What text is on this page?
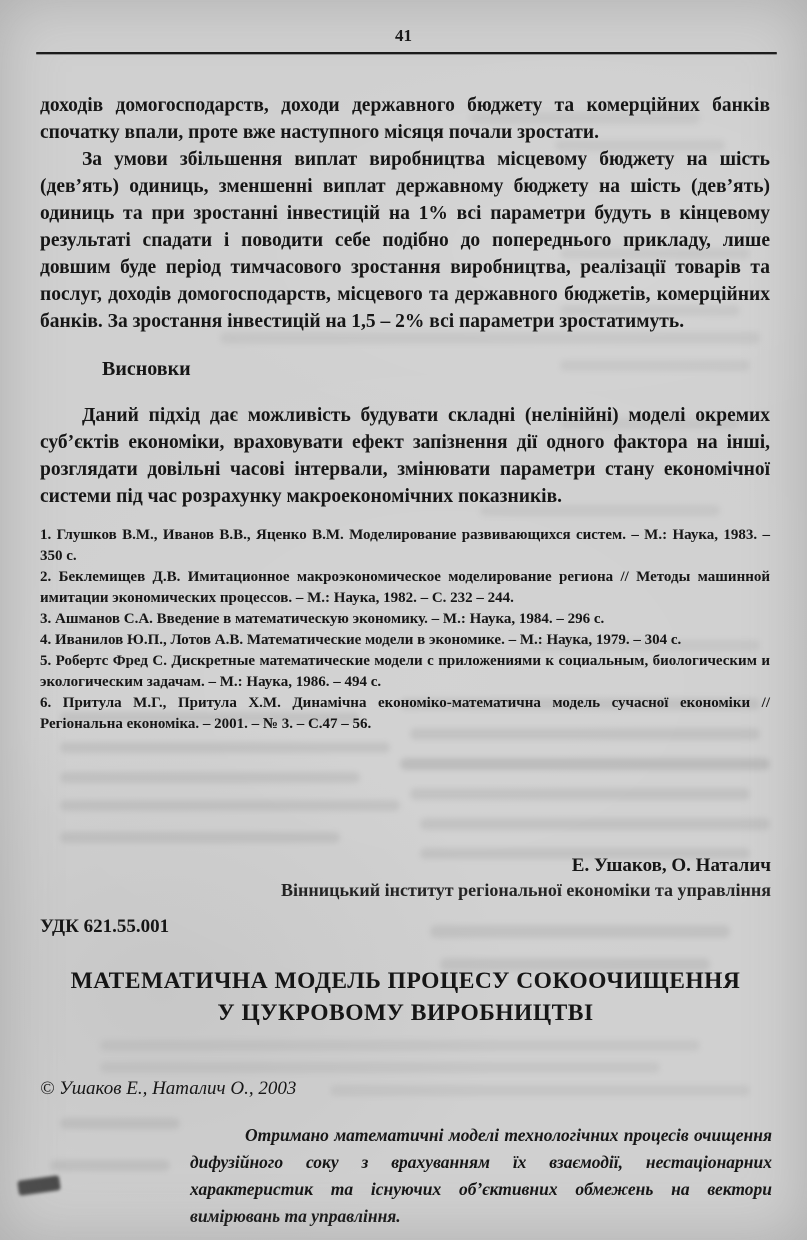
41

доходів домогосподарств, доходи державного бюджету та комерційних банків спочатку впали, проте вже наступного місяця почали зростати.

За умови збільшення виплат виробництва місцевому бюджету на шість (дев’ять) одиниць, зменшенні виплат державному бюджету на шість (дев’ять) одиниць та при зростанні інвестицій на 1% всі параметри будуть в кінцевому результаті спадати і поводити себе подібно до попереднього прикладу, лише довшим буде період тимчасового зростання виробництва, реалізації товарів та послуг, доходів домогосподарств, місцевого та державного бюджетів, комерційних банків. За зростання інвестицій на 1,5 – 2% всі параметри зростатимуть.

Висновки

Даний підхід дає можливість будувати складні (нелінійні) моделі окремих суб’єктів економіки, враховувати ефект запізнення дії одного фактора на інші, розглядати довільні часові інтервали, змінювати параметри стану економічної системи під час розрахунку макроекономічних показників.

1. Глушков В.М., Иванов В.В., Яценко В.М. Моделирование развивающихся систем. – М.: Наука, 1983. – 350 с.

2. Беклемищев Д.В. Имитационное макроэкономическое моделирование региона // Методы машинной имитации экономических процессов. – М.: Наука, 1982. – С. 232 – 244.

3. Ашманов С.А. Введение в математическую экономику. – М.: Наука, 1984. – 296 с.

4. Иванилов Ю.П., Лотов А.В. Математические модели в экономике. – М.: Наука, 1979. – 304 с.

5. Робертс Фред С. Дискретные математические модели с приложениями к социальным, биологическим и экологическим задачам. – М.: Наука, 1986. – 494 с.

6. Притула М.Г., Притула Х.М. Динамічна економіко-математична модель сучасної економіки // Регіональна економіка. – 2001. – № 3. – С.47 – 56.

Е. Ушаков, О. Наталич
Вінницький інститут регіональної економіки та управління
УДК 621.55.001
МАТЕМАТИЧНА МОДЕЛЬ ПРОЦЕСУ СОКООЧИЩЕННЯ
У ЦУКРОВОМУ ВИРОБНИЦТВІ
© Ушаков Е., Наталич О., 2003
Отримано математичні моделі технологічних процесів очищення дифузійного соку з врахуванням їх взаємодії, нестаціонарних характеристик та існуючих об’єктивних обмежень на вектори вимірювань та управління.
